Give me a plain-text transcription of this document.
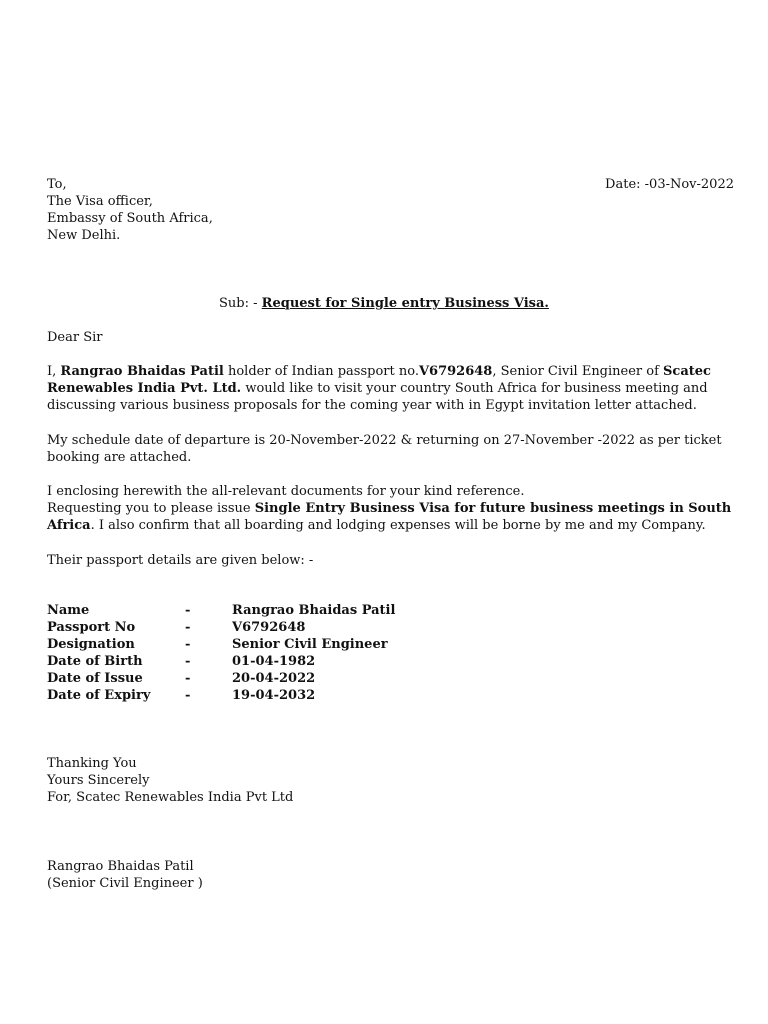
To,
The Visa officer,
Embassy of South Africa,
New Delhi.
Date: -03-Nov-2022
Sub: - Request for Single entry Business Visa.
Dear Sir
I, Rangrao Bhaidas Patil holder of Indian passport no.V6792648, Senior Civil Engineer of Scatec
Renewables India Pvt. Ltd. would like to visit your country South Africa for business meeting and
discussing various business proposals for the coming year with in Egypt invitation letter attached.
My schedule date of departure is 20-November-2022 & returning on 27-November -2022 as per ticket
booking are attached.
I enclosing herewith the all-relevant documents for your kind reference.
Requesting you to please issue Single Entry Business Visa for future business meetings in South
Africa. I also confirm that all boarding and lodging expenses will be borne by me and my Company.
Their passport details are given below: -
Name	-	Rangrao Bhaidas Patil
Passport No	-	V6792648
Designation	-	Senior Civil Engineer
Date of Birth	-	01-04-1982
Date of Issue	-	20-04-2022
Date of Expiry	-	19-04-2032
Thanking You
Yours Sincerely
For, Scatec Renewables India Pvt Ltd
Rangrao Bhaidas Patil
(Senior Civil Engineer )
